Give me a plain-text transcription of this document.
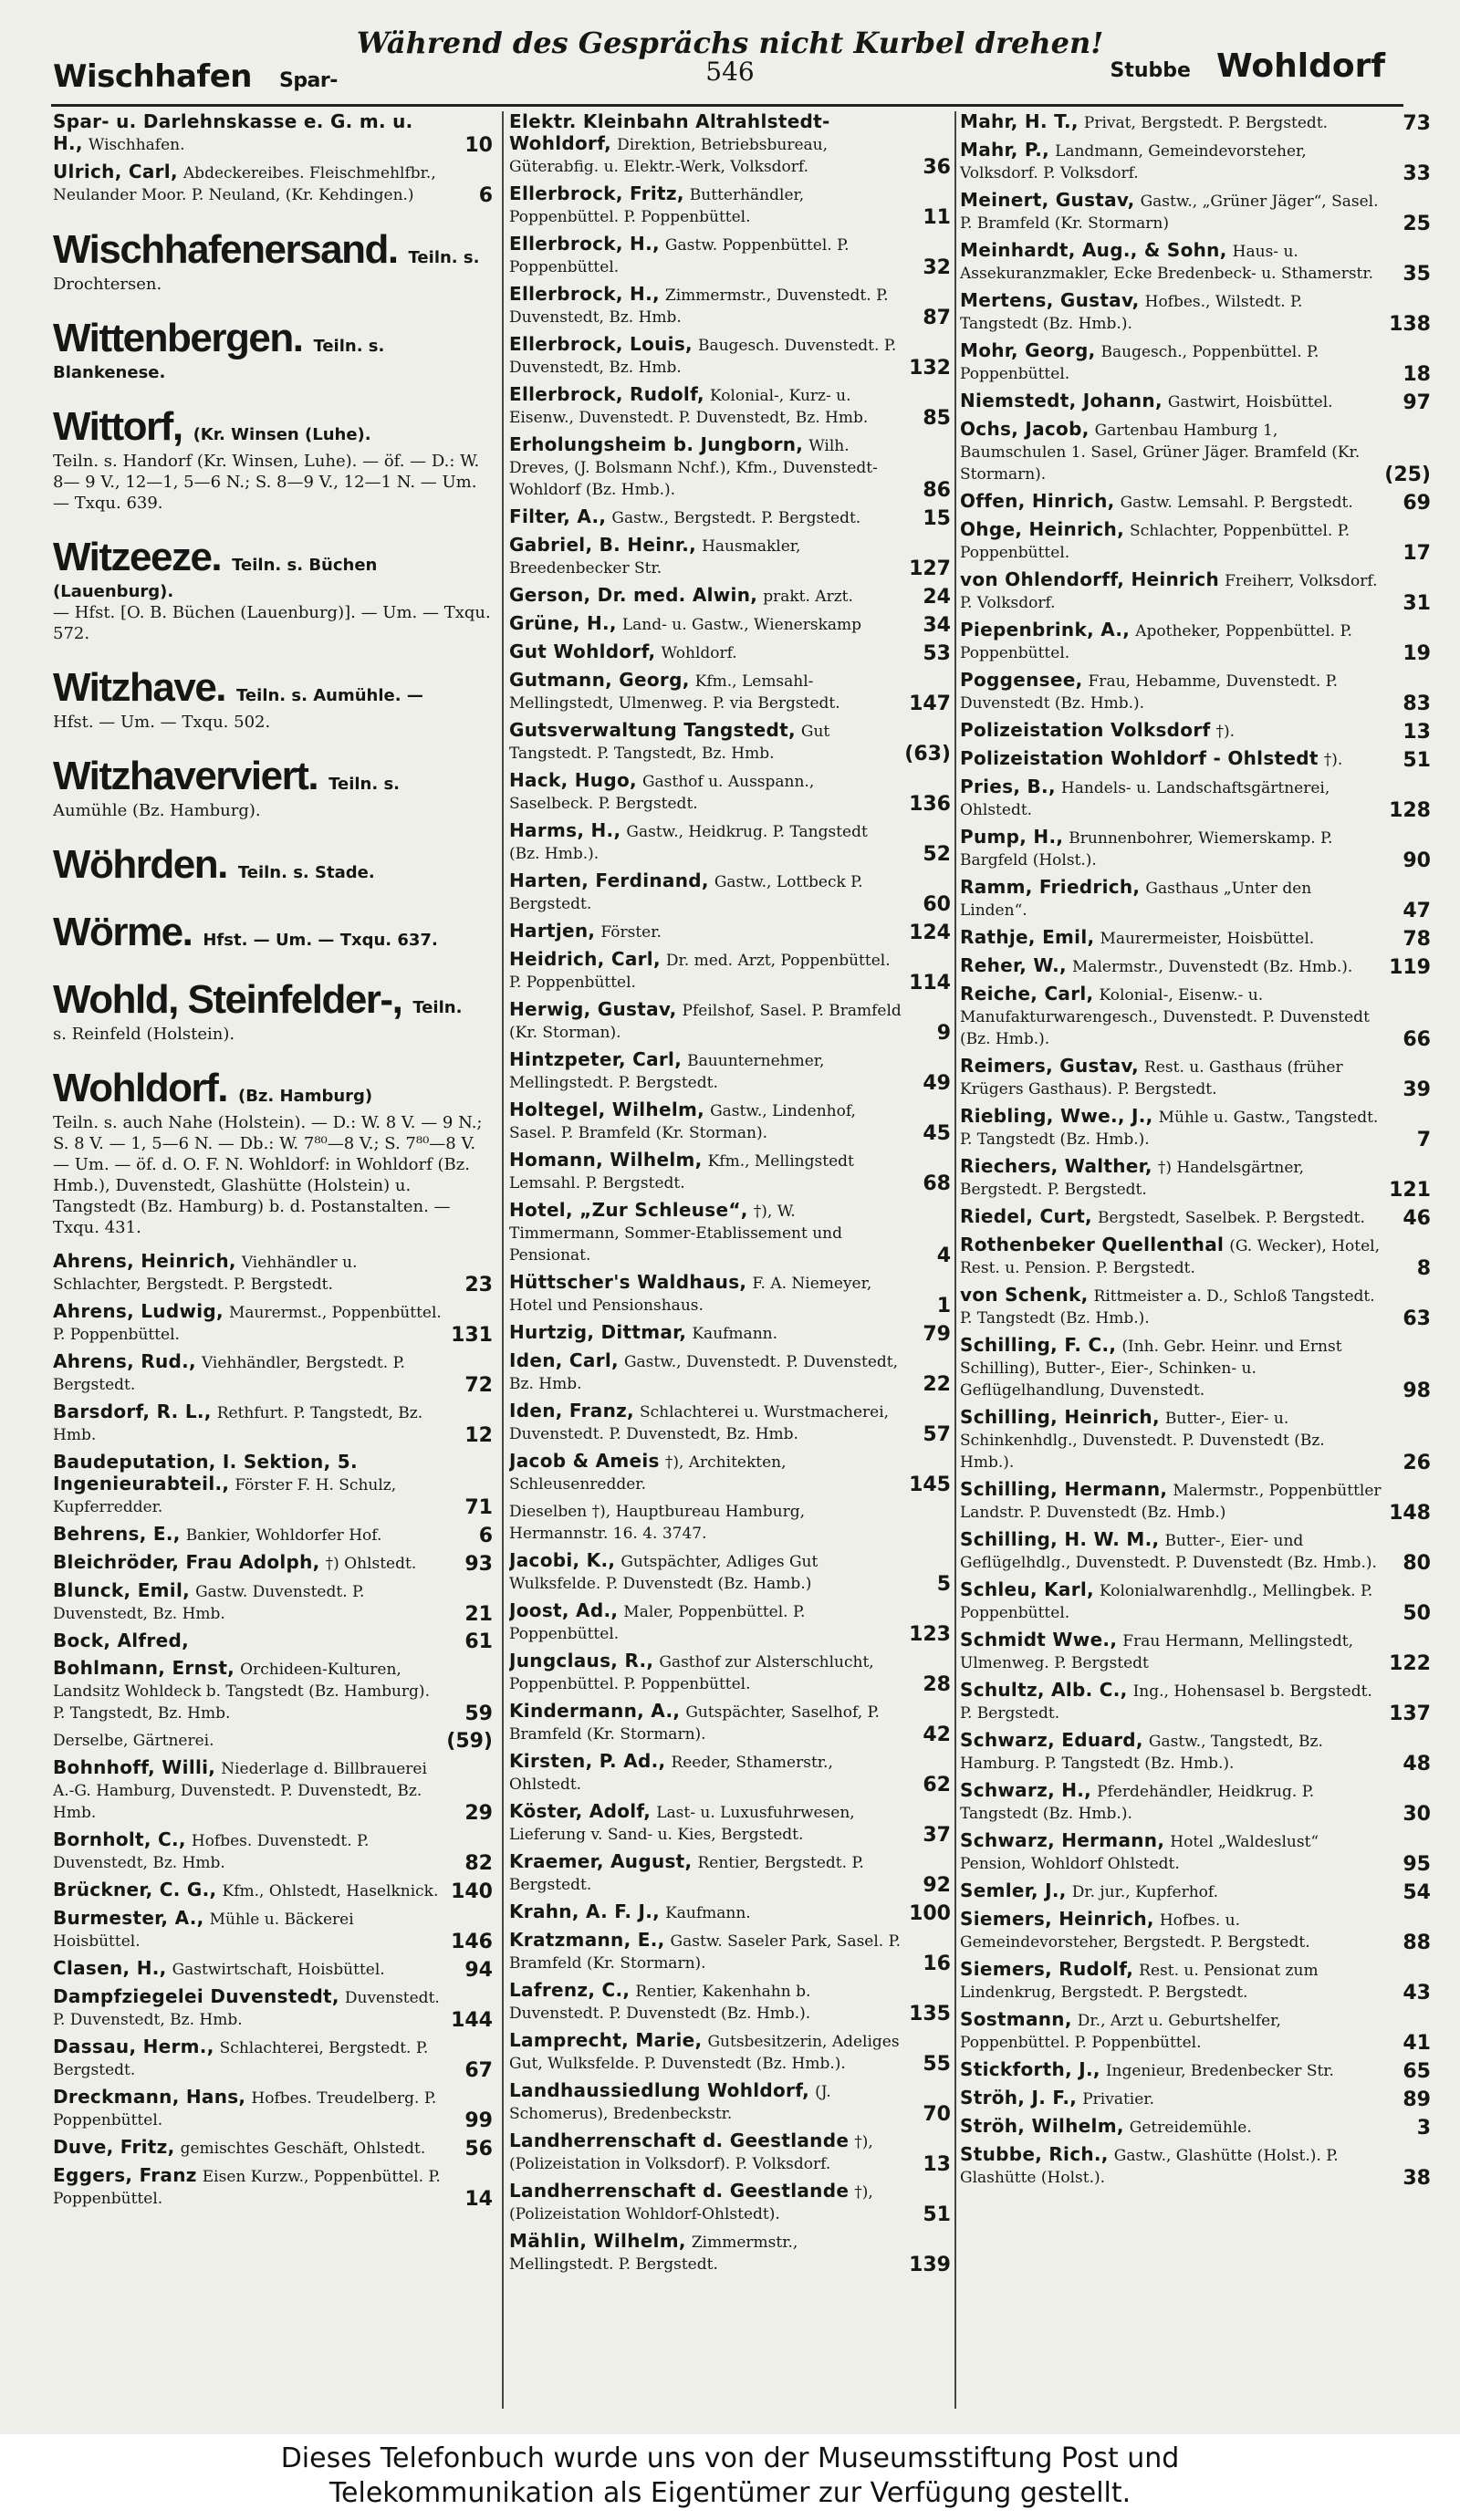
Wischhafen Spar-
Während des Gesprächs nicht Kurbel drehen!
546	Stubbe Wohldorf
Spar- u. Darlehnskasse e. G. m. u. H., Wischhafen.	10
Ulrich, Carl, Abdeckereibes. Fleischmehlfbr., Neulander Moor. P. Neuland, (Kr. Kehdingen.)	6
Wischhafenersand. Teiln. s.
Drochtersen.
Wittenbergen. Teiln. s. Blankenese.
Wittorf, (Kr. Winsen (Luhe).
Teiln. s. Handorf (Kr. Winsen, Luhe). — öf. — D.: W. 8— 9 V., 12—1, 5—6 N.; S. 8—9 V., 12—1 N. — Um. — Txqu. 639.
Witzeeze. Teiln. s. Büchen (Lauenburg).
— Hfst. [O. B. Büchen (Lauenburg)]. — Um. — Txqu. 572.
Witzhave. Teiln. s. Aumühle. —
Hfst. — Um. — Txqu. 502.
Witzhaverviert. Teiln. s.
Aumühle (Bz. Hamburg).
Wöhrden. Teiln. s. Stade.
Wörme. Hfst. — Um. — Txqu. 637.
Wohld, Steinfelder-, Teiln.
s. Reinfeld (Holstein).
Wohldorf. (Bz. Hamburg)
Teiln. s. auch Nahe (Holstein). — D.: W. 8 V. — 9 N.; S. 8 V. — 1, 5—6 N. — Db.: W. 7⁸⁰—8 V.; S. 7⁸⁰—8 V. — Um. — öf. d. O. F. N. Wohldorf: in Wohldorf (Bz. Hmb.), Duvenstedt, Glashütte (Holstein) u. Tangstedt (Bz. Hamburg) b. d. Postanstalten. — Txqu. 431.
Ahrens, Heinrich, Viehhändler u. Schlachter, Bergstedt. P. Bergstedt.	23
Ahrens, Ludwig, Maurermst., Poppenbüttel. P. Poppenbüttel.	131
Ahrens, Rud., Viehhändler, Bergstedt. P. Bergstedt.	72
Barsdorf, R. L., Rethfurt. P. Tangstedt, Bz. Hmb.	12
Baudeputation, I. Sektion, 5. Ingenieurabteil., Förster F. H. Schulz, Kupferredder.	71
Behrens, E., Bankier, Wohldorfer Hof.	6
Bleichröder, Frau Adolph, †) Ohlstedt. 93
Blunck, Emil, Gastw. Duvenstedt. P. Duvenstedt, Bz. Hmb.	21
Bock, Alfred,	61
Bohlmann, Ernst, Orchideen-Kulturen, Landsitz Wohldeck b. Tangstedt (Bz. Hamburg). P. Tangstedt, Bz. Hmb.	59
Derselbe, Gärtnerei.	(59)
Bohnhoff, Willi, Niederlage d. Billbrauerei A.-G. Hamburg, Duvenstedt. P. Duvenstedt, Bz. Hmb.	29
Bornholt, C., Hofbes. Duvenstedt. P. Duvenstedt, Bz. Hmb.	82
Brückner, C. G., Kfm., Ohlstedt, Haselknick. 140
Burmester, A., Mühle u. Bäckerei Hoisbüttel.	146
Clasen, H., Gastwirtschaft, Hoisbüttel.	94
Dampfziegelei Duvenstedt, Duvenstedt. P. Duvenstedt, Bz. Hmb.	144
Dassau, Herm., Schlachterei, Bergstedt. P. Bergstedt.	67
Dreckmann, Hans, Hofbes. Treudelberg. P. Poppenbüttel.	99
Duve, Fritz, gemischtes Geschäft, Ohlstedt. 56
Eggers, Franz Eisen Kurzw., Poppenbüttel. P. Poppenbüttel.	14
Elektr. Kleinbahn Altrahlstedt-Wohldorf, Direktion, Betriebsbureau, Güterabfig. u. Elektr.-Werk, Volksdorf.	36
Ellerbrock, Fritz, Butterhändler, Poppenbüttel. P. Poppenbüttel.	11
Ellerbrock, H., Gastw. Poppenbüttel. P. Poppenbüttel.	32
Ellerbrock, H., Zimmermstr., Duvenstedt. P. Duvenstedt, Bz. Hmb.	87
Ellerbrock, Louis, Baugesch. Duvenstedt. P. Duvenstedt, Bz. Hmb.	132
Ellerbrock, Rudolf, Kolonial-, Kurz- u. Eisenw., Duvenstedt. P. Duvenstedt, Bz. Hmb.	85
Erholungsheim b. Jungborn, Wilh. Dreves, (J. Bolsmann Nchf.), Kfm., Duvenstedt-Wohldorf (Bz. Hmb.).	86
Filter, A., Gastw., Bergstedt. P. Bergstedt.	15
Gabriel, B. Heinr., Hausmakler, Breedenbecker Str.	127
Gerson, Dr. med. Alwin, prakt. Arzt.	24
Grüne, H., Land- u. Gastw., Wienerskamp	34
Gut Wohldorf, Wohldorf.	53
Gutmann, Georg, Kfm., Lemsahl-Mellingstedt, Ulmenweg. P. via Bergstedt.	147
Gutsverwaltung Tangstedt, Gut Tangstedt. P. Tangstedt, Bz. Hmb.	(63)
Hack, Hugo, Gasthof u. Ausspann., Saselbeck. P. Bergstedt.	136
Harms, H., Gastw., Heidkrug. P. Tangstedt (Bz. Hmb.).	52
Harten, Ferdinand, Gastw., Lottbeck P. Bergstedt.	60
Hartjen, Förster.	124
Heidrich, Carl, Dr. med. Arzt, Poppenbüttel. P. Poppenbüttel.	114
Herwig, Gustav, Pfeilshof, Sasel. P. Bramfeld (Kr. Storman).	9
Hintzpeter, Carl, Bauunternehmer, Mellingstedt. P. Bergstedt.	49
Holtegel, Wilhelm, Gastw., Lindenhof, Sasel. P. Bramfeld (Kr. Storman).	45
Homann, Wilhelm, Kfm., Mellingstedt Lemsahl. P. Bergstedt.	68
Hotel, „Zur Schleuse“, †), W. Timmermann, Sommer-Etablissement und Pensionat.	4
Hüttscher's Waldhaus, F. A. Niemeyer, Hotel und Pensionshaus.	1
Hurtzig, Dittmar, Kaufmann.	79
Iden, Carl, Gastw., Duvenstedt. P. Duvenstedt, Bz. Hmb.	22
Iden, Franz, Schlachterei u. Wurstmacherei, Duvenstedt. P. Duvenstedt, Bz. Hmb.	57
Jacob & Ameis †), Architekten, Schleusenredder.	145
Dieselben †), Hauptbureau Hamburg, Hermannstr. 16. 4. 3747.
Jacobi, K., Gutspächter, Adliges Gut Wulksfelde. P. Duvenstedt (Bz. Hamb.)	5
Joost, Ad., Maler, Poppenbüttel. P. Poppenbüttel.	123
Jungclaus, R., Gasthof zur Alsterschlucht, Poppenbüttel. P. Poppenbüttel.	28
Kindermann, A., Gutspächter, Saselhof, P. Bramfeld (Kr. Stormarn).	42
Kirsten, P. Ad., Reeder, Sthamerstr., Ohlstedt.	62
Köster, Adolf, Last- u. Luxusfuhrwesen, Lieferung v. Sand- u. Kies, Bergstedt.	37
Kraemer, August, Rentier, Bergstedt. P. Bergstedt.	92
Krahn, A. F. J., Kaufmann.	100
Kratzmann, E., Gastw. Saseler Park, Sasel. P. Bramfeld (Kr. Stormarn).	16
Lafrenz, C., Rentier, Kakenhahn b. Duvenstedt. P. Duvenstedt (Bz. Hmb.).	135
Lamprecht, Marie, Gutsbesitzerin, Adeliges Gut, Wulksfelde. P. Duvenstedt (Bz. Hmb.).	55
Landhaussiedlung Wohldorf, (J. Schomerus), Bredenbeckstr.	70
Landherrenschaft d. Geestlande †), (Polizeistation in Volksdorf). P. Volksdorf.	13
Landherrenschaft d. Geestlande †), (Polizeistation Wohldorf-Ohlstedt).	51
Mählin, Wilhelm, Zimmermstr., Mellingstedt. P. Bergstedt.	139
Mahr, H. T., Privat, Bergstedt. P. Bergstedt.	73
Mahr, P., Landmann, Gemeindevorsteher, Volksdorf. P. Volksdorf.	33
Meinert, Gustav, Gastw., „Grüner Jäger“, Sasel. P. Bramfeld (Kr. Stormarn)	25
Meinhardt, Aug., & Sohn, Haus- u. Assekuranzmakler, Ecke Bredenbeck- u. Sthamerstr. 35
Mertens, Gustav, Hofbes., Wilstedt. P. Tangstedt (Bz. Hmb.).	138
Mohr, Georg, Baugesch., Poppenbüttel. P. Poppenbüttel.	18
Niemstedt, Johann, Gastwirt, Hoisbüttel.	97
Ochs, Jacob, Gartenbau Hamburg 1, Baumschulen 1. Sasel, Grüner Jäger. Bramfeld (Kr. Stormarn).	(25)
Offen, Hinrich, Gastw. Lemsahl. P. Bergstedt. 69
Ohge, Heinrich, Schlachter, Poppenbüttel. P. Poppenbüttel.	17
von Ohlendorff, Heinrich Freiherr, Volksdorf. P. Volksdorf.	31
Piepenbrink, A., Apotheker, Poppenbüttel. P. Poppenbüttel.	19
Poggensee, Frau, Hebamme, Duvenstedt. P. Duvenstedt (Bz. Hmb.).	83
Polizeistation Volksdorf †).	13
Polizeistation Wohldorf - Ohlstedt †).	51
Pries, B., Handels- u. Landschaftsgärtnerei, Ohlstedt.	128
Pump, H., Brunnenbohrer, Wiemerskamp. P. Bargfeld (Holst.).	90
Ramm, Friedrich, Gasthaus „Unter den Linden“.	47
Rathje, Emil, Maurermeister, Hoisbüttel.	78
Reher, W., Malermstr., Duvenstedt (Bz. Hmb.). 119
Reiche, Carl, Kolonial-, Eisenw.- u. Manufakturwarengesch., Duvenstedt. P. Duvenstedt (Bz. Hmb.).	66
Reimers, Gustav, Rest. u. Gasthaus (früher Krügers Gasthaus). P. Bergstedt.	39
Riebling, Wwe., J., Mühle u. Gastw., Tangstedt. P. Tangstedt (Bz. Hmb.).	7
Riechers, Walther, †) Handelsgärtner, Bergstedt. P. Bergstedt.	121
Riedel, Curt, Bergstedt, Saselbek. P. Bergstedt. 46
Rothenbeker Quellenthal (G. Wecker), Hotel, Rest. u. Pension. P. Bergstedt.	8
von Schenk, Rittmeister a. D., Schloß Tangstedt. P. Tangstedt (Bz. Hmb.).	63
Schilling, F. C., (Inh. Gebr. Heinr. und Ernst Schilling), Butter-, Eier-, Schinken- u. Geflügelhandlung, Duvenstedt.	98
Schilling, Heinrich, Butter-, Eier- u. Schinkenhdlg., Duvenstedt. P. Duvenstedt (Bz. Hmb.).	26
Schilling, Hermann, Malermstr., Poppenbüttler Landstr. P. Duvenstedt (Bz. Hmb.)	148
Schilling, H. W. M., Butter-, Eier- und Geflügelhdlg., Duvenstedt. P. Duvenstedt (Bz. Hmb.). 80
Schleu, Karl, Kolonialwarenhdlg., Mellingbek. P. Poppenbüttel.	50
Schmidt Wwe., Frau Hermann, Mellingstedt, Ulmenweg. P. Bergstedt	122
Schultz, Alb. C., Ing., Hohensasel b. Bergstedt. P. Bergstedt.	137
Schwarz, Eduard, Gastw., Tangstedt, Bz. Hamburg. P. Tangstedt (Bz. Hmb.).	48
Schwarz, H., Pferdehändler, Heidkrug. P. Tangstedt (Bz. Hmb.).	30
Schwarz, Hermann, Hotel „Waldeslust“ Pension, Wohldorf Ohlstedt.	95
Semler, J., Dr. jur., Kupferhof.	54
Siemers, Heinrich, Hofbes. u. Gemeindevorsteher, Bergstedt. P. Bergstedt.	88
Siemers, Rudolf, Rest. u. Pensionat zum Lindenkrug, Bergstedt. P. Bergstedt.	43
Sostmann, Dr., Arzt u. Geburtshelfer, Poppenbüttel. P. Poppenbüttel.	41
Stickforth, J., Ingenieur, Bredenbecker Str.	65
Ströh, J. F., Privatier.	89
Ströh, Wilhelm, Getreidemühle.	3
Stubbe, Rich., Gastw., Glashütte (Holst.). P. Glashütte (Holst.).	38
Dieses Telefonbuch wurde uns von der Museumsstiftung Post und
Telekommunikation als Eigentümer zur Verfügung gestellt.
